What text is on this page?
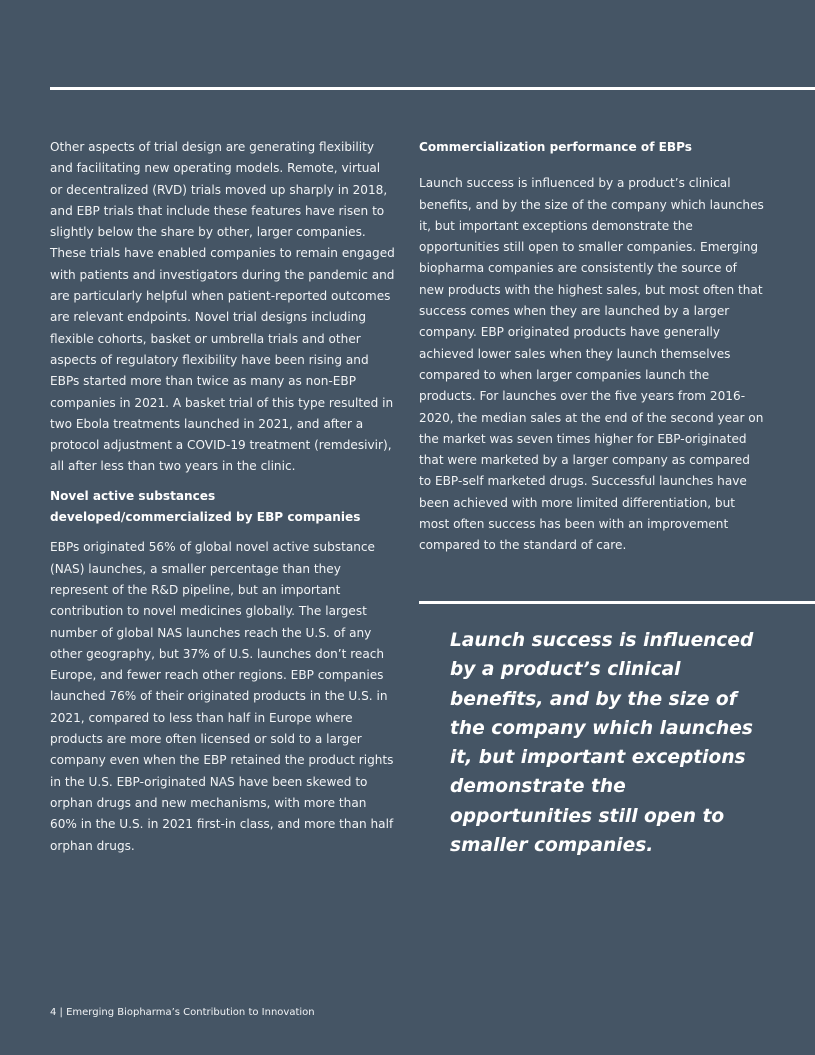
Other aspects of trial design are generating flexibility and facilitating new operating models. Remote, virtual or decentralized (RVD) trials moved up sharply in 2018, and EBP trials that include these features have risen to slightly below the share by other, larger companies. These trials have enabled companies to remain engaged with patients and investigators during the pandemic and are particularly helpful when patient-reported outcomes are relevant endpoints. Novel trial designs including flexible cohorts, basket or umbrella trials and other aspects of regulatory flexibility have been rising and EBPs started more than twice as many as non-EBP companies in 2021. A basket trial of this type resulted in two Ebola treatments launched in 2021, and after a protocol adjustment a COVID-19 treatment (remdesivir), all after less than two years in the clinic.

Novel active substances developed/commercialized by EBP companies

EBPs originated 56% of global novel active substance (NAS) launches, a smaller percentage than they represent of the R&D pipeline, but an important contribution to novel medicines globally. The largest number of global NAS launches reach the U.S. of any other geography, but 37% of U.S. launches don’t reach Europe, and fewer reach other regions. EBP companies launched 76% of their originated products in the U.S. in 2021, compared to less than half in Europe where products are more often licensed or sold to a larger company even when the EBP retained the product rights in the U.S. EBP-originated NAS have been skewed to orphan drugs and new mechanisms, with more than 60% in the U.S. in 2021 first-in class, and more than half orphan drugs.

Commercialization performance of EBPs

Launch success is influenced by a product’s clinical benefits, and by the size of the company which launches it, but important exceptions demonstrate the opportunities still open to smaller companies. Emerging biopharma companies are consistently the source of new products with the highest sales, but most often that success comes when they are launched by a larger company. EBP originated products have generally achieved lower sales when they launch themselves compared to when larger companies launch the products. For launches over the five years from 2016-2020, the median sales at the end of the second year on the market was seven times higher for EBP-originated that were marketed by a larger company as compared to EBP-self marketed drugs. Successful launches have been achieved with more limited differentiation, but most often success has been with an improvement compared to the standard of care.

Launch success is influenced by a product’s clinical benefits, and by the size of the company which launches it, but important exceptions demonstrate the opportunities still open to smaller companies.

4 | Emerging Biopharma’s Contribution to Innovation
